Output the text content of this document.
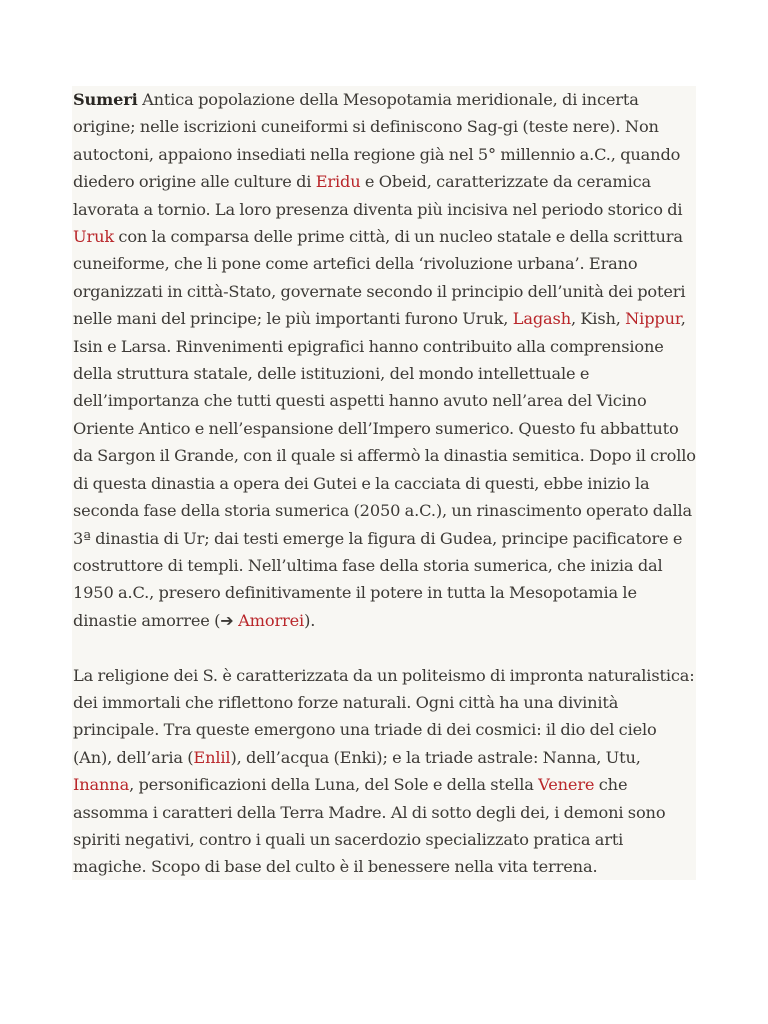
Sumeri Antica popolazione della Mesopotamia meridionale, di incerta origine; nelle iscrizioni cuneiformi si definiscono Sag-gi (teste nere). Non autoctoni, appaiono insediati nella regione già nel 5° millennio a.C., quando diedero origine alle culture di Eridu e Obeid, caratterizzate da ceramica lavorata a tornio. La loro presenza diventa più incisiva nel periodo storico di Uruk con la comparsa delle prime città, di un nucleo statale e della scrittura cuneiforme, che li pone come artefici della ‘rivoluzione urbana’. Erano organizzati in città-Stato, governate secondo il principio dell’unità dei poteri nelle mani del principe; le più importanti furono Uruk, Lagash, Kish, Nippur, Isin e Larsa. Rinvenimenti epigrafici hanno contribuito alla comprensione della struttura statale, delle istituzioni, del mondo intellettuale e dell’importanza che tutti questi aspetti hanno avuto nell’area del Vicino Oriente Antico e nell’espansione dell’Impero sumerico. Questo fu abbattuto da Sargon il Grande, con il quale si affermò la dinastia semitica. Dopo il crollo di questa dinastia a opera dei Gutei e la cacciata di questi, ebbe inizio la seconda fase della storia sumerica (2050 a.C.), un rinascimento operato dalla 3ª dinastia di Ur; dai testi emerge la figura di Gudea, principe pacificatore e costruttore di templi. Nell’ultima fase della storia sumerica, che inizia dal 1950 a.C., presero definitivamente il potere in tutta la Mesopotamia le dinastie amorree (➔ Amorrei).

La religione dei S. è caratterizzata da un politeismo di impronta naturalistica: dei immortali che riflettono forze naturali. Ogni città ha una divinità principale. Tra queste emergono una triade di dei cosmici: il dio del cielo (An), dell’aria (Enlil), dell’acqua (Enki); e la triade astrale: Nanna, Utu, Inanna, personificazioni della Luna, del Sole e della stella Venere che assomma i caratteri della Terra Madre. Al di sotto degli dei, i demoni sono spiriti negativi, contro i quali un sacerdozio specializzato pratica arti magiche. Scopo di base del culto è il benessere nella vita terrena.
